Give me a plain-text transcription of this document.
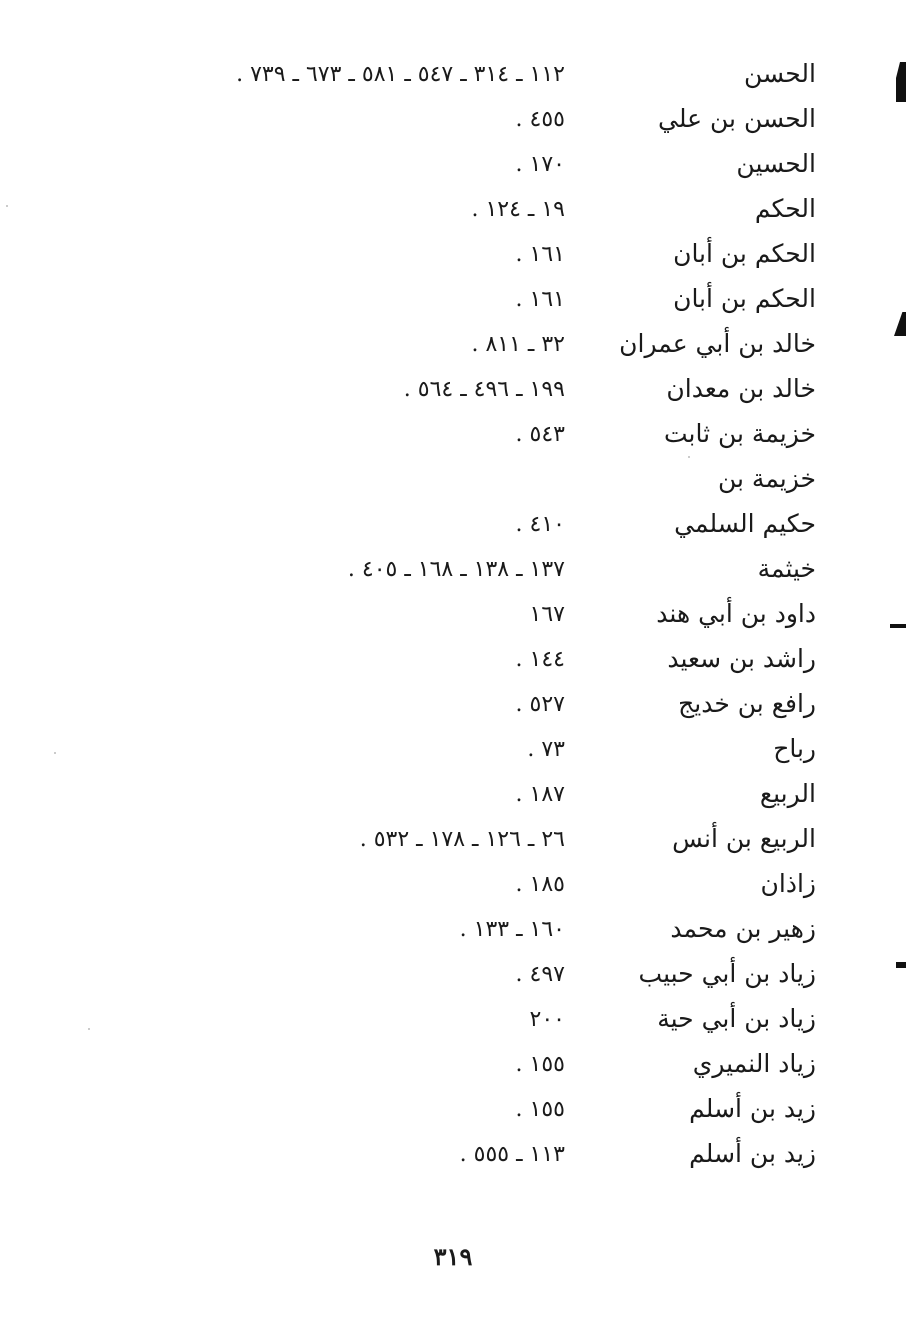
الحسن
١١٢ ـ ٣١٤ ـ ٥٤٧ ـ ٥٨١ ـ ٦٧٣ ـ ٧٣٩ .
الحسن بن علي
٤٥٥ .
الحسين
١٧٠ .
الحكم
١٩ ـ ١٢٤ .
الحكم بن أبان
١٦١ .
الحكم بن أبان
١٦١ .
خالد بن أبي عمران
٣٢ ـ ٨١١ .
خالد بن معدان
١٩٩ ـ ٤٩٦ ـ ٥٦٤ .
خزيمة بن ثابت
٥٤٣ .
خزيمة بن
حكيم السلمي
٤١٠ .
خيثمة
١٣٧ ـ ١٣٨ ـ ١٦٨ ـ ٤٠٥ .
داود بن أبي هند
١٦٧
راشد بن سعيد
١٤٤ .
رافع بن خديج
٥٢٧ .
رباح
٧٣ .
الربيع
١٨٧ .
الربيع بن أنس
٢٦ ـ ١٢٦ ـ ١٧٨ ـ ٥٣٢ .
زاذان
١٨٥ .
زهير بن محمد
١٦٠ ـ ١٣٣ .
زياد بن أبي حبيب
٤٩٧ .
زياد بن أبي حية
٢٠٠
زياد النميري
١٥٥ .
زيد بن أسلم
١٥٥ .
زيد بن أسلم
١١٣ ـ ٥٥٥ .
٣١٩
